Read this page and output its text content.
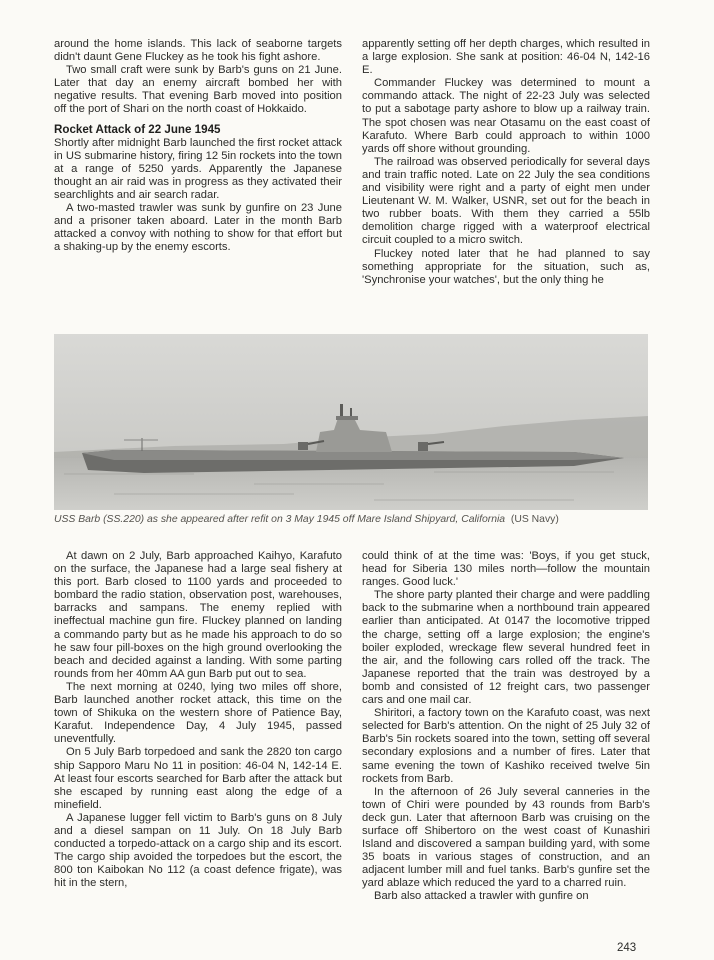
around the home islands. This lack of seaborne targets didn't daunt Gene Fluckey as he took his fight ashore.

Two small craft were sunk by Barb's guns on 21 June. Later that day an enemy aircraft bombed her with negative results. That evening Barb moved into position off the port of Shari on the north coast of Hokkaido.

Rocket Attack of 22 June 1945

Shortly after midnight Barb launched the first rocket attack in US submarine history, firing 12 5in rockets into the town at a range of 5250 yards. Apparently the Japanese thought an air raid was in progress as they activated their searchlights and air search radar.

A two-masted trawler was sunk by gunfire on 23 June and a prisoner taken aboard. Later in the month Barb attacked a convoy with nothing to show for that effort but a shaking-up by the enemy escorts.

apparently setting off her depth charges, which resulted in a large explosion. She sank at position: 46-04 N, 142-16 E.

Commander Fluckey was determined to mount a commando attack. The night of 22-23 July was selected to put a sabotage party ashore to blow up a railway train. The spot chosen was near Otasamu on the east coast of Karafuto. Where Barb could approach to within 1000 yards off shore without grounding.

The railroad was observed periodically for several days and train traffic noted. Late on 22 July the sea conditions and visibility were right and a party of eight men under Lieutenant W. M. Walker, USNR, set out for the beach in two rubber boats. With them they carried a 55lb demolition charge rigged with a waterproof electrical circuit coupled to a micro switch.

Fluckey noted later that he had planned to say something appropriate for the situation, such as, 'Synchronise your watches', but the only thing he

USS Barb (SS.220) as she appeared after refit on 3 May 1945 off Mare Island Shipyard, California (US Navy)

At dawn on 2 July, Barb approached Kaihyo, Karafuto on the surface, the Japanese had a large seal fishery at this port. Barb closed to 1100 yards and proceeded to bombard the radio station, observation post, warehouses, barracks and sampans. The enemy replied with ineffectual machine gun fire. Fluckey planned on landing a commando party but as he made his approach to do so he saw four pill-boxes on the high ground overlooking the beach and decided against a landing. With some parting rounds from her 40mm AA gun Barb put out to sea.

The next morning at 0240, lying two miles off shore, Barb launched another rocket attack, this time on the town of Shikuka on the western shore of Patience Bay, Karafut. Independence Day, 4 July 1945, passed uneventfully.

On 5 July Barb torpedoed and sank the 2820 ton cargo ship Sapporo Maru No 11 in position: 46-04 N, 142-14 E. At least four escorts searched for Barb after the attack but she escaped by running east along the edge of a minefield.

A Japanese lugger fell victim to Barb's guns on 8 July and a diesel sampan on 11 July. On 18 July Barb conducted a torpedo-attack on a cargo ship and its escort. The cargo ship avoided the torpedoes but the escort, the 800 ton Kaibokan No 112 (a coast defence frigate), was hit in the stern,

could think of at the time was: 'Boys, if you get stuck, head for Siberia 130 miles north—follow the mountain ranges. Good luck.'

The shore party planted their charge and were paddling back to the submarine when a northbound train appeared earlier than anticipated. At 0147 the locomotive tripped the charge, setting off a large explosion; the engine's boiler exploded, wreckage flew several hundred feet in the air, and the following cars rolled off the track. The Japanese reported that the train was destroyed by a bomb and consisted of 12 freight cars, two passenger cars and one mail car.

Shiritori, a factory town on the Karafuto coast, was next selected for Barb's attention. On the night of 25 July 32 of Barb's 5in rockets soared into the town, setting off several secondary explosions and a number of fires. Later that same evening the town of Kashiko received twelve 5in rockets from Barb.

In the afternoon of 26 July several canneries in the town of Chiri were pounded by 43 rounds from Barb's deck gun. Later that afternoon Barb was cruising on the surface off Shibertoro on the west coast of Kunashiri Island and discovered a sampan building yard, with some 35 boats in various stages of construction, and an adjacent lumber mill and fuel tanks. Barb's gunfire set the yard ablaze which reduced the yard to a charred ruin.

Barb also attacked a trawler with gunfire on

243
